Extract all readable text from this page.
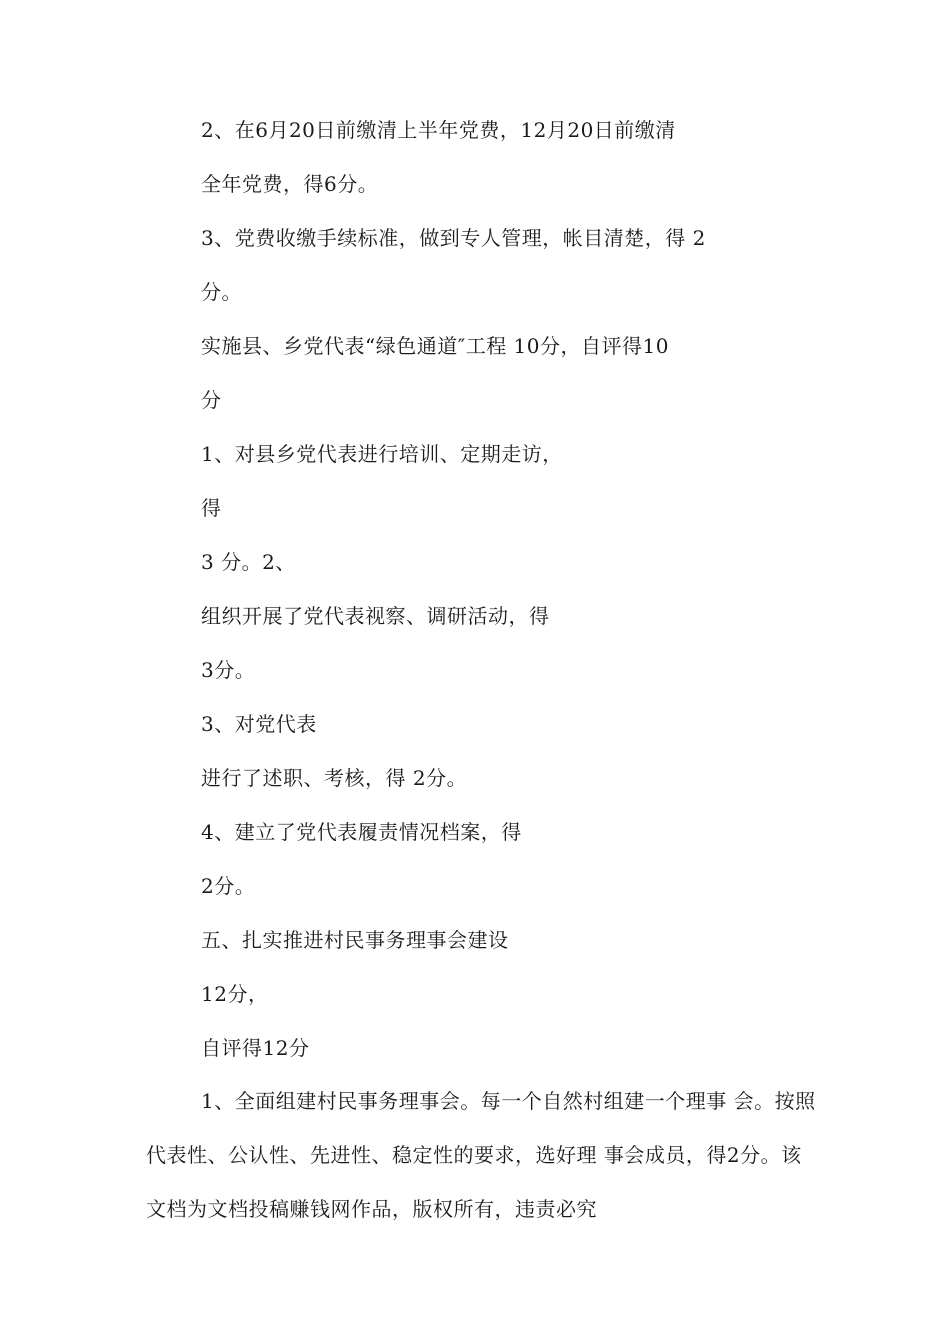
2、在6月20日前缴清上半年党费，12月20日前缴清
全年党费，得6分。
3、党费收缴手续标准，做到专人管理，帐目清楚，得 2
分。
实施县、乡党代表“绿色通道″工程 10分，自评得10
分
1、对县乡党代表进行培训、定期走访，
得
3 分。2、
组织开展了党代表视察、调研活动，得
3分。
3、对党代表
进行了述职、考核，得 2分。
4、建立了党代表履责情况档案，得
2分。
五、扎实推进村民事务理事会建设
12分，
自评得12分

1、全面组建村民事务理事会。每一个自然村组建一个理事 会。按照代表性、公认性、先进性、稳定性的要求，选好理 事会成员，得2分。该文档为文档投稿赚钱网作品，版权所有，违责必究
